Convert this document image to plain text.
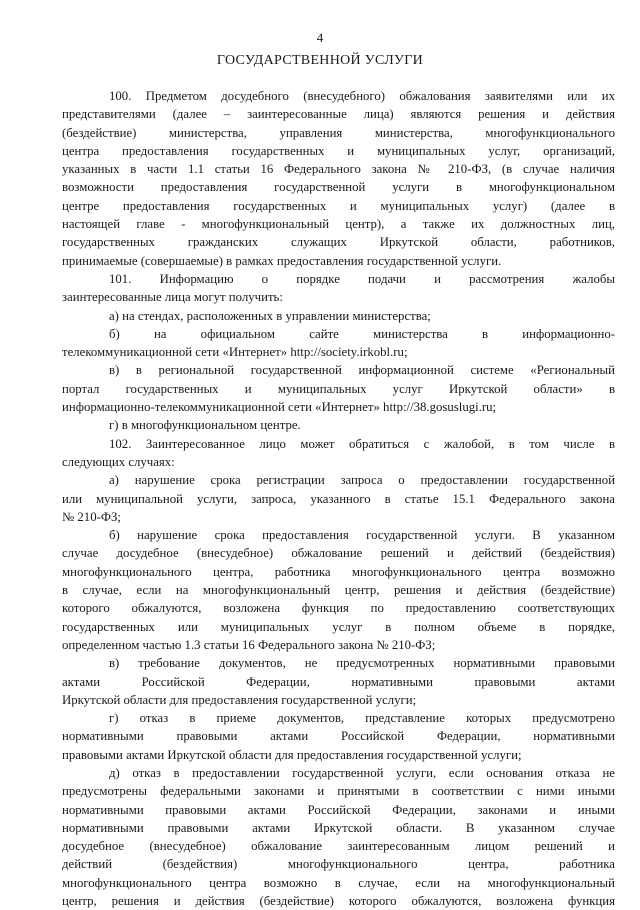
4
ГОСУДАРСТВЕННОЙ УСЛУГИ
100. Предметом досудебного (внесудебного) обжалования заявителями или их
представителями (далее – заинтересованные лица) являются решения и действия
(бездействие) министерства, управления министерства, многофункционального
центра предоставления государственных и муниципальных услуг, организаций,
указанных в части 1.1 статьи 16 Федерального закона № 210-ФЗ, (в случае наличия
возможности предоставления государственной услуги в многофункциональном
центре предоставления государственных и муниципальных услуг) (далее в
настоящей главе - многофункциональный центр), а также их должностных лиц,
государственных гражданских служащих Иркутской области, работников,
принимаемые (совершаемые) в рамках предоставления государственной услуги.
101. Информацию о порядке подачи и рассмотрения жалобы
заинтересованные лица могут получить:
а) на стендах, расположенных в управлении министерства;
б) на официальном сайте министерства в информационно-
телекоммуникационной сети «Интернет» http://society.irkobl.ru;
в) в региональной государственной информационной системе «Региональный
портал государственных и муниципальных услуг Иркутской области» в
информационно-телекоммуникационной сети «Интернет» http://38.gosuslugi.ru;
г) в многофункциональном центре.
102. Заинтересованное лицо может обратиться с жалобой, в том числе в
следующих случаях:
а) нарушение срока регистрации запроса о предоставлении государственной
или муниципальной услуги, запроса, указанного в статье 15.1 Федерального закона
№ 210-ФЗ;
б) нарушение срока предоставления государственной услуги. В указанном
случае досудебное (внесудебное) обжалование решений и действий (бездействия)
многофункционального центра, работника многофункционального центра возможно
в случае, если на многофункциональный центр, решения и действия (бездействие)
которого обжалуются, возложена функция по предоставлению соответствующих
государственных или муниципальных услуг в полном объеме в порядке,
определенном частью 1.3 статьи 16 Федерального закона № 210-ФЗ;
в) требование документов, не предусмотренных нормативными правовыми
актами Российской Федерации, нормативными правовыми актами
Иркутской области для предоставления государственной услуги;
г) отказ в приеме документов, представление которых предусмотрено
нормативными правовыми актами Российской Федерации, нормативными
правовыми актами Иркутской области для предоставления государственной услуги;
д) отказ в предоставлении государственной услуги, если основания отказа не
предусмотрены федеральными законами и принятыми в соответствии с ними иными
нормативными правовыми актами Российской Федерации, законами и иными
нормативными правовыми актами Иркутской области. В указанном случае
досудебное (внесудебное) обжалование заинтересованным лицом решений и
действий (бездействия) многофункционального центра, работника
многофункционального центра возможно в случае, если на многофункциональный
центр, решения и действия (бездействие) которого обжалуются, возложена функция
